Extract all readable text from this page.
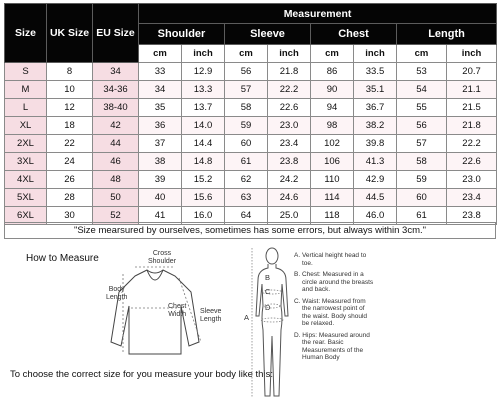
Size	UK Size	EU Size	Measurement							
			Shoulder		Sleeve		Chest		Length	
			cm	inch	cm	inch	cm	inch	cm	inch
S	8	34	33	12.9	56	21.8	86	33.5	53	20.7
M	10	34-36	34	13.3	57	22.2	90	35.1	54	21.1
L	12	38-40	35	13.7	58	22.6	94	36.7	55	21.5
XL	18	42	36	14.0	59	23.0	98	38.2	56	21.8
2XL	22	44	37	14.4	60	23.4	102	39.8	57	22.2
3XL	24	46	38	14.8	61	23.8	106	41.3	58	22.6
4XL	26	48	39	15.2	62	24.2	110	42.9	59	23.0
5XL	28	50	40	15.6	63	24.6	114	44.5	60	23.4
6XL	30	52	41	16.0	64	25.0	118	46.0	61	23.8
"Size mearsured by ourselves, sometimes has some errors, but always within 3cm."
How to Measure	Cross
Shoulder
Body
Length
Chest
Width Sleeve
Length
To choose the correct size for you measure your body like this:
B
C
D
A
A. Vertical height head to toe.
B. Chest: Measured in a circle around the breasts and back.
C. Waist: Measured from the narrowest point of the waist. Body should be relaxed.
D. Hips: Measured around the rear. Basic Measurements of the Human Body
